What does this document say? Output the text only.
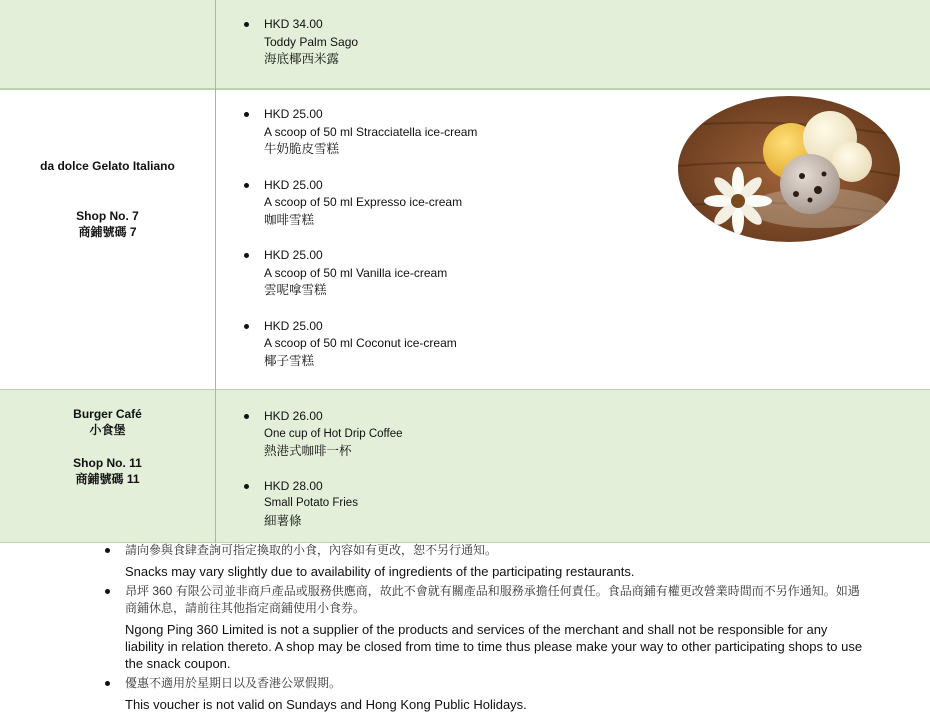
HKD 34.00
Toddy Palm Sago
海底椰西米露
da dolce Gelato Italiano
Shop No. 7
商鋪號碼 7
HKD 25.00
A scoop of 50 ml Stracciatella ice-cream
牛奶脆皮雪糕
HKD 25.00
A scoop of 50 ml Expresso ice-cream
咖啡雪糕
HKD 25.00
A scoop of 50 ml Vanilla ice-cream
雲呢嗱雪糕
HKD 25.00
A scoop of 50 ml Coconut ice-cream
椰子雪糕
Burger Café
小食堡
Shop No. 11
商鋪號碼 11
HKD 26.00
One cup of Hot Drip Coffee
熱港式咖啡一杯
HKD 28.00
Small Potato Fries
細薯條
請向參與食肆查詢可指定換取的小食，內容如有更改，恕不另行通知。
Snacks may vary slightly due to availability of ingredients of the participating restaurants.
昂坪 360 有限公司並非商戶產品或服務供應商，故此不會就有關產品和服務承擔任何責任。食品商鋪有權更改營業時間而不另作通知。如遇商鋪休息，請前往其他指定商鋪使用小食券。
Ngong Ping 360 Limited is not a supplier of the products and services of the merchant and shall not be responsible for any liability in relation thereto. A shop may be closed from time to time thus please make your way to other participating shops to use the snack coupon.
優惠不適用於星期日以及香港公眾假期。
This voucher is not valid on Sundays and Hong Kong Public Holidays.
